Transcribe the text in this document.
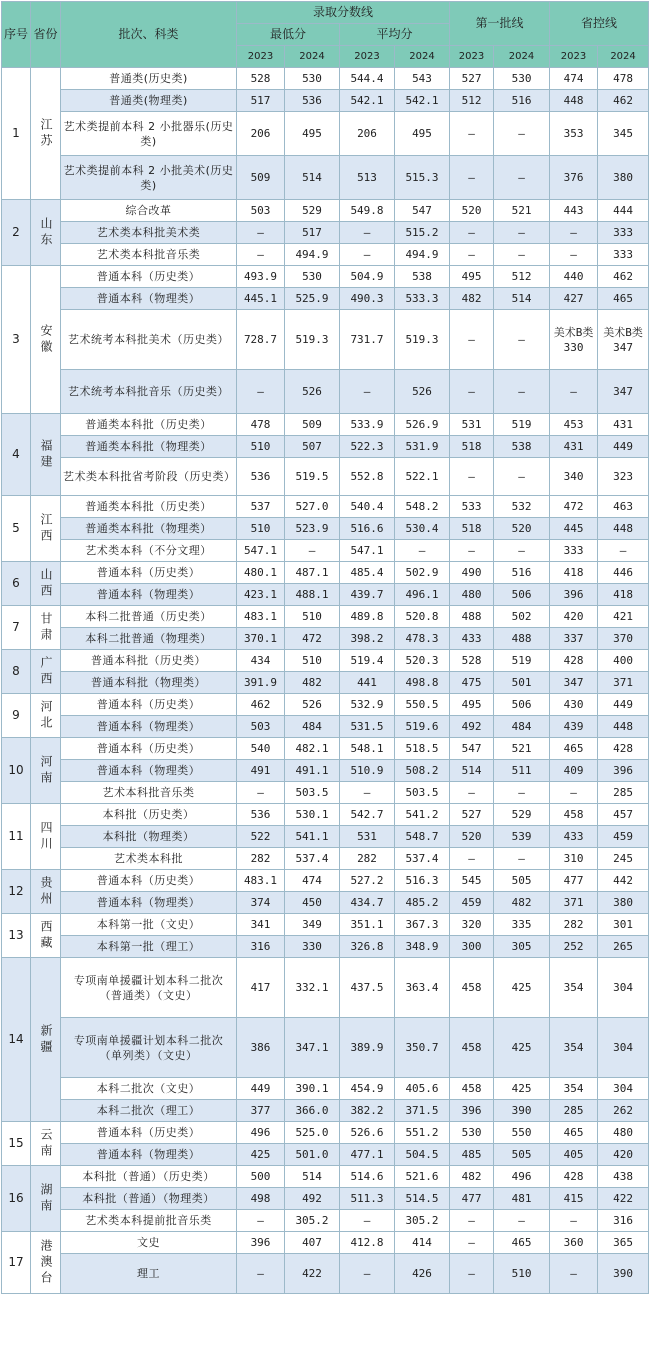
序号	省份	批次、科类	录取分数线				第一批线		省控线	
			最低分		平均分					
			2023	2024	2023	2024	2023	2024	2023	2024
1	江苏	普通类(历史类)	528	530	544.4	543	527	530	474	478
		普通类(物理类)	517	536	542.1	542.1	512	516	448	462
		艺术类提前本科 2 小批器乐(历史类)	206	495	206	495	—	—	353	345
		艺术类提前本科 2 小批美术(历史类)	509	514	513	515.3	—	—	376	380
2	山东	综合改革	503	529	549.8	547	520	521	443	444
		艺术类本科批美术类	–	517	–	515.2	–	–	–	333
		艺术类本科批音乐类	–	494.9	–	494.9	–	–	–	333
3	安徽	普通本科（历史类）	493.9	530	504.9	538	495	512	440	462
		普通本科（物理类）	445.1	525.9	490.3	533.3	482	514	427	465
		艺术统考本科批美术（历史类）	728.7	519.3	731.7	519.3	—	—	美术B类330	美术B类 347
		艺术统考本科批音乐（历史类）	—	526	—	526	—	—	—	347
4	福建	普通类本科批（历史类）	478	509	533.9	526.9	531	519	453	431
		普通类本科批（物理类）	510	507	522.3	531.9	518	538	431	449
		艺术类本科批省考阶段（历史类）	536	519.5	552.8	522.1	—	—	340	323
5	江西	普通类本科批（历史类）	537	527.0	540.4	548.2	533	532	472	463
		普通类本科批（物理类）	510	523.9	516.6	530.4	518	520	445	448
		艺术类本科（不分文理）	547.1	—	547.1	—	—	—	333	—
6	山西	普通本科（历史类）	480.1	487.1	485.4	502.9	490	516	418	446
		普通本科（物理类）	423.1	488.1	439.7	496.1	480	506	396	418
7	甘肃	本科二批普通（历史类）	483.1	510	489.8	520.8	488	502	420	421
		本科二批普通（物理类）	370.1	472	398.2	478.3	433	488	337	370
8	广西	普通本科批（历史类）	434	510	519.4	520.3	528	519	428	400
		普通本科批（物理类）	391.9	482	441	498.8	475	501	347	371
9	河北	普通本科（历史类）	462	526	532.9	550.5	495	506	430	449
		普通本科（物理类）	503	484	531.5	519.6	492	484	439	448
10	河南	普通本科（历史类）	540	482.1	548.1	518.5	547	521	465	428
		普通本科（物理类）	491	491.1	510.9	508.2	514	511	409	396
		艺术本科批音乐类	–	503.5	–	503.5	–	–	–	285
11	四川	本科批（历史类）	536	530.1	542.7	541.2	527	529	458	457
		本科批（物理类）	522	541.1	531	548.7	520	539	433	459
		艺术类本科批	282	537.4	282	537.4	—	—	310	245
12	贵州	普通本科（历史类）	483.1	474	527.2	516.3	545	505	477	442
		普通本科（物理类）	374	450	434.7	485.2	459	482	371	380
13	西藏	本科第一批（文史）	341	349	351.1	367.3	320	335	282	301
		本科第一批（理工）	316	330	326.8	348.9	300	305	252	265
14	新疆	专项南单援疆计划本科二批次（普通类）（文史）	417	332.1	437.5	363.4	458	425	354	304
		专项南单援疆计划本科二批次（单列类）（文史）	386	347.1	389.9	350.7	458	425	354	304
		本科二批次（文史）	449	390.1	454.9	405.6	458	425	354	304
		本科二批次（理工）	377	366.0	382.2	371.5	396	390	285	262
15	云南	普通本科（历史类）	496	525.0	526.6	551.2	530	550	465	480
		普通本科（物理类）	425	501.0	477.1	504.5	485	505	405	420
16	湖南	本科批（普通）（历史类）	500	514	514.6	521.6	482	496	428	438
		本科批（普通）（物理类）	498	492	511.3	514.5	477	481	415	422
		艺术类本科提前批音乐类	–	305.2	–	305.2	–	–	–	316
17	港澳台	文史	396	407	412.8	414	—	465	360	365
		理工	—	422	—	426	—	510	—	390
